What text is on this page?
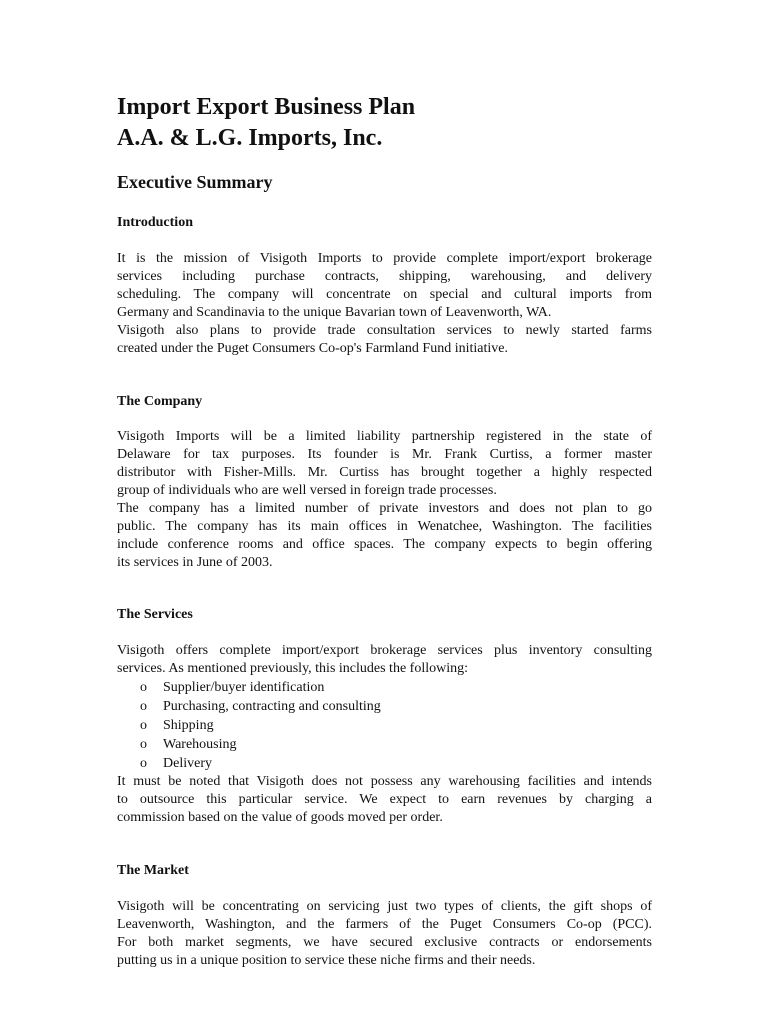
Import Export Business Plan
A.A. & L.G. Imports, Inc.
Executive Summary
Introduction
It is the mission of Visigoth Imports to provide complete import/export brokerage
services including purchase contracts, shipping, warehousing, and delivery
scheduling. The company will concentrate on special and cultural imports from
Germany and Scandinavia to the unique Bavarian town of Leavenworth, WA.
Visigoth also plans to provide trade consultation services to newly started farms
created under the Puget Consumers Co-op's Farmland Fund initiative.
The Company
Visigoth Imports will be a limited liability partnership registered in the state of
Delaware for tax purposes. Its founder is Mr. Frank Curtiss, a former master
distributor with Fisher-Mills. Mr. Curtiss has brought together a highly respected
group of individuals who are well versed in foreign trade processes.
The company has a limited number of private investors and does not plan to go
public. The company has its main offices in Wenatchee, Washington. The facilities
include conference rooms and office spaces. The company expects to begin offering
its services in June of 2003.
The Services
Visigoth offers complete import/export brokerage services plus inventory consulting
services. As mentioned previously, this includes the following:
o	Supplier/buyer identification
o	Purchasing, contracting and consulting
o	Shipping
o	Warehousing
o	Delivery
It must be noted that Visigoth does not possess any warehousing facilities and intends
to outsource this particular service. We expect to earn revenues by charging a
commission based on the value of goods moved per order.
The Market
Visigoth will be concentrating on servicing just two types of clients, the gift shops of
Leavenworth, Washington, and the farmers of the Puget Consumers Co-op (PCC).
For both market segments, we have secured exclusive contracts or endorsements
putting us in a unique position to service these niche firms and their needs.
